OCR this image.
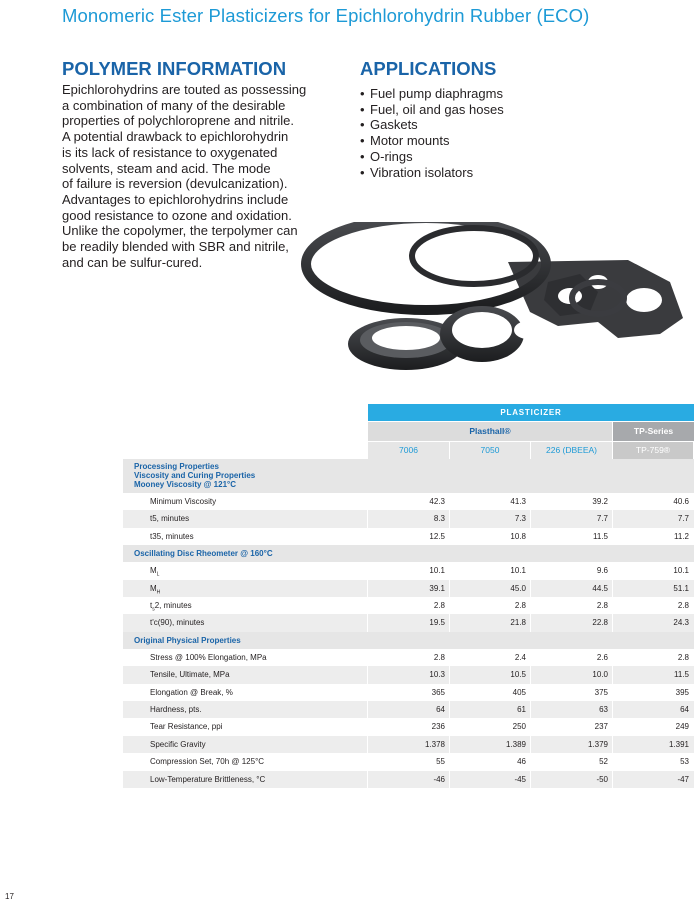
Monomeric Ester Plasticizers for Epichlorohydrin Rubber (ECO)
POLYMER INFORMATION
Epichlorohydrins are touted as possessing
a combination of many of the desirable
properties of polychloroprene and nitrile.
A potential drawback to epichlorohydrin
is its lack of resistance to oxygenated
solvents, steam and acid. The mode
of failure is reversion (devulcanization).
Advantages to epichlorohydrins include
good resistance to ozone and oxidation.
Unlike the copolymer, the terpolymer can
be readily blended with SBR and nitrile,
and can be sulfur-cured.
APPLICATIONS
• Fuel pump diaphragms
• Fuel, oil and gas hoses
• Gaskets
• Motor mounts
• O-rings
• Vibration isolators
PLASTICIZER
Plasthall®	TP-Series
7006	7050	226 (DBEEA)	TP-759®
Processing Properties
Viscosity and Curing Properties
Mooney Viscosity @ 121°C
Minimum Viscosity	42.3	41.3	39.2	40.6
t5, minutes	8.3	7.3	7.7	7.7
t35, minutes	12.5	10.8	11.5	11.2
Oscillating Disc Rheometer @ 160°C
$M_L$	10.1	10.1	9.6	10.1
$M_H$	39.1	45.0	44.5	51.1
$t_s2$, minutes	2.8	2.8	2.8	2.8
t'c(90), minutes	19.5	21.8	22.8	24.3
Original Physical Properties
Stress @ 100% Elongation, MPa	2.8	2.4	2.6	2.8
Tensile, Ultimate, MPa	10.3	10.5	10.0	11.5
Elongation @ Break, %	365	405	375	395
Hardness, pts.	64	61	63	64
Tear Resistance, ppi	236	250	237	249
Specific Gravity	1.378	1.389	1.379	1.391
Compression Set, 70h @ 125°C	55	46	52	53
Low-Temperature Brittleness, °C	-46	-45	-50	-47
17
